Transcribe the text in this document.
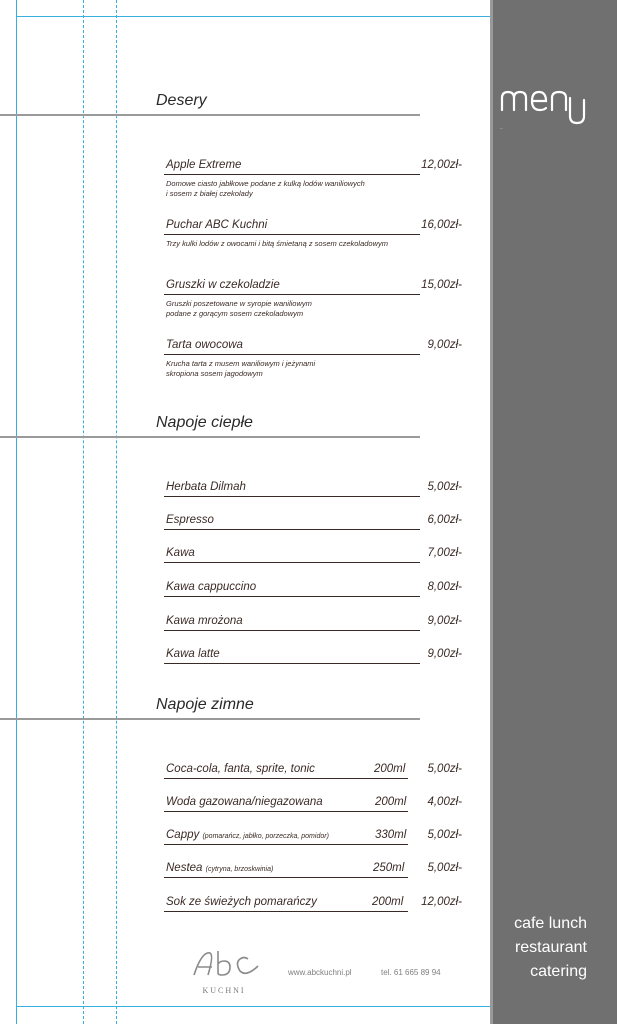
menu
cafe lunch
restaurant
catering
Desery
Apple Extreme	12,00zł-
Domowe ciasto jabłkowe podane z kulką lodów waniliowych
i sosem z białej czekolady
Puchar ABC Kuchni	16,00zł-
Trzy kulki lodów z owocami i bitą śmietaną z sosem czekoladowym
Gruszki w czekoladzie	15,00zł-
Gruszki poszetowane w syropie waniliowym
podane z gorącym sosem czekoladowym
Tarta owocowa	9,00zł-
Krucha tarta z musem waniliowym i jeżynami
skropiona sosem jagodowym
Napoje ciepłe
Herbata Dilmah	5,00zł-
Espresso	6,00zł-
Kawa	7,00zł-
Kawa cappuccino	8,00zł-
Kawa mrożona	9,00zł-
Kawa latte	9,00zł-
Napoje zimne
Coca-cola, fanta, sprite, tonic	200ml 5,00zł-
Woda gazowana/niegazowana	200ml 4,00zł-
Cappy (pomarańcz, jabłko, porzeczka, pomidor)	330ml 5,00zł-
Nestea (cytryna, brzoskwinia)	250ml 5,00zł-
Sok ze świeżych pomarańczy	200ml 12,00zł-
Abc
KUCHNI
www.abckuchni.pl	tel. 61 665 89 94
